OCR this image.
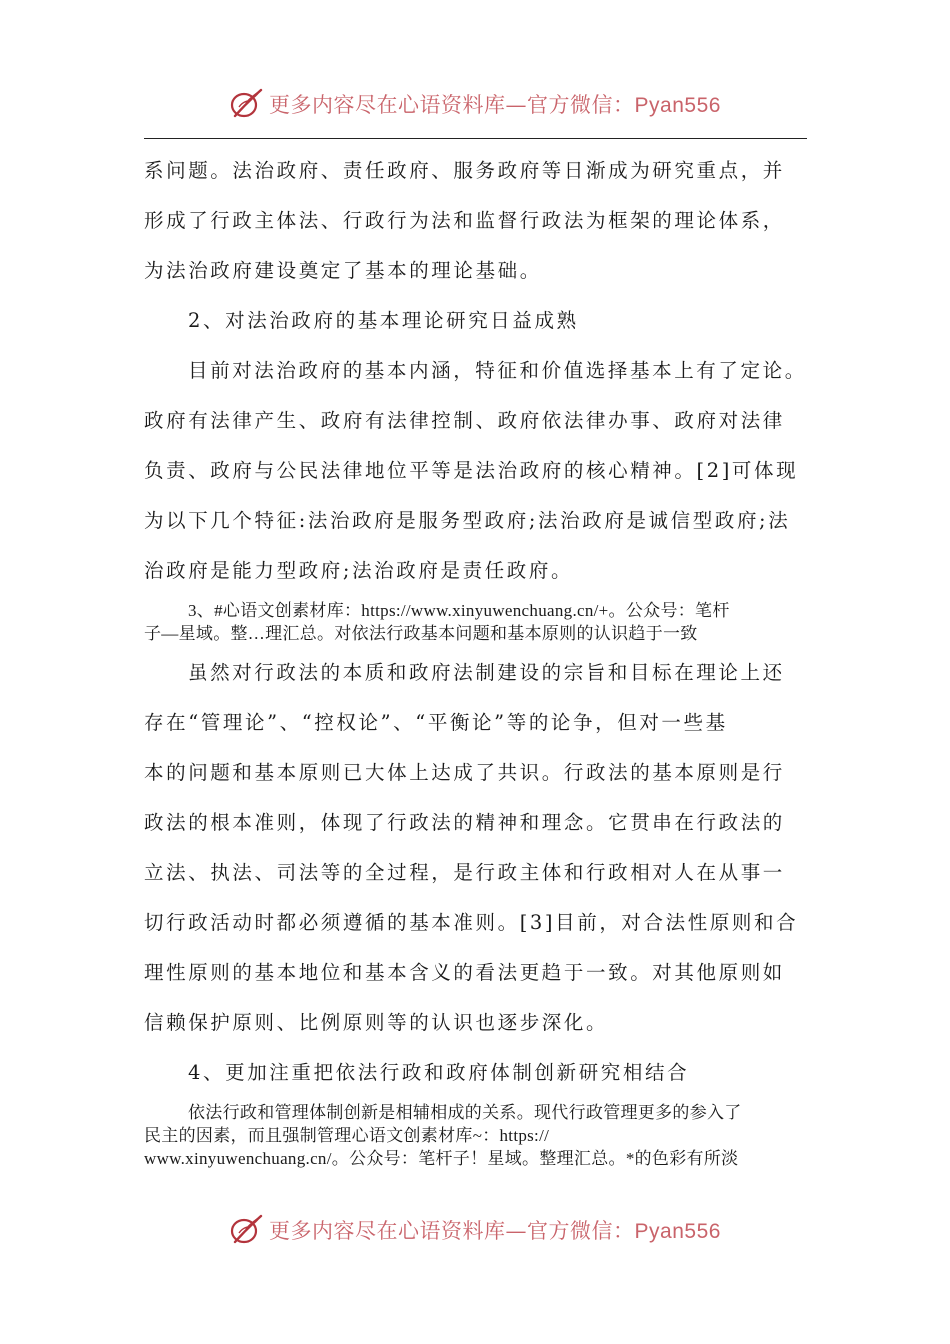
更多内容尽在心语资料库—官方微信：Pyan556
系问题。法治政府、责任政府、服务政府等日渐成为研究重点，并
形成了行政主体法、行政行为法和监督行政法为框架的理论体系，
为法治政府建设奠定了基本的理论基础。
2、对法治政府的基本理论研究日益成熟
目前对法治政府的基本内涵，特征和价值选择基本上有了定论。
政府有法律产生、政府有法律控制、政府依法律办事、政府对法律
负责、政府与公民法律地位平等是法治政府的核心精神。[2]可体现
为以下几个特征:法治政府是服务型政府;法治政府是诚信型政府;法
治政府是能力型政府;法治政府是责任政府。
3、#心语文创素材库：https://www.xinyuwenchuang.cn/+。公众号：笔杆
子—星域。整…理汇总。对依法行政基本问题和基本原则的认识趋于一致
虽然对行政法的本质和政府法制建设的宗旨和目标在理论上还
存在“管理论”、“控权论”、“平衡论”等的论争，但对一些基
本的问题和基本原则已大体上达成了共识。行政法的基本原则是行
政法的根本准则，体现了行政法的精神和理念。它贯串在行政法的
立法、执法、司法等的全过程，是行政主体和行政相对人在从事一
切行政活动时都必须遵循的基本准则。[3]目前，对合法性原则和合
理性原则的基本地位和基本含义的看法更趋于一致。对其他原则如
信赖保护原则、比例原则等的认识也逐步深化。
4、更加注重把依法行政和政府体制创新研究相结合
依法行政和管理体制创新是相辅相成的关系。现代行政管理更多的参入了
民主的因素，而且强制管理心语文创素材库~：https://
www.xinyuwenchuang.cn/。公众号：笔杆子！星域。整理汇总。*的色彩有所淡
更多内容尽在心语资料库—官方微信：Pyan556
